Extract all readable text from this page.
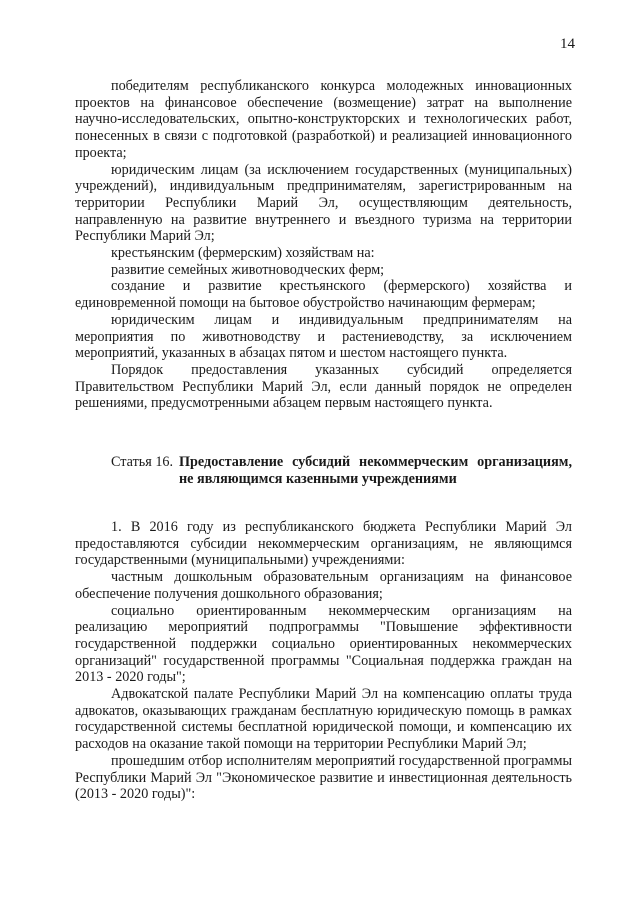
14

победителям республиканского конкурса молодежных инновационных проектов на финансовое обеспечение (возмещение) затрат на выполнение научно-исследовательских, опытно-конструкторских и технологических работ, понесенных в связи с подготовкой (разработкой) и реализацией инновационного проекта;

юридическим лицам (за исключением государственных (муниципальных) учреждений), индивидуальным предпринимателям, зарегистрированным на территории Республики Марий Эл, осуществляющим деятельность, направленную на развитие внутреннего и въездного туризма на территории Республики Марий Эл;

крестьянским (фермерским) хозяйствам на:

развитие семейных животноводческих ферм;

создание и развитие крестьянского (фермерского) хозяйства и единовременной помощи на бытовое обустройство начинающим фермерам;

юридическим лицам и индивидуальным предпринимателям на мероприятия по животноводству и растениеводству, за исключением мероприятий, указанных в абзацах пятом и шестом настоящего пункта.

Порядок предоставления указанных субсидий определяется Правительством Республики Марий Эл, если данный порядок не определен решениями, предусмотренными абзацем первым настоящего пункта.

Статья 16. Предоставление субсидий некоммерческим организациям, не являющимся казенными учреждениями

1. В 2016 году из республиканского бюджета Республики Марий Эл предоставляются субсидии некоммерческим организациям, не являющимся государственными (муниципальными) учреждениями:

частным дошкольным образовательным организациям на финансовое обеспечение получения дошкольного образования;

социально ориентированным некоммерческим организациям на реализацию мероприятий подпрограммы "Повышение эффективности государственной поддержки социально ориентированных некоммерческих организаций" государственной программы "Социальная поддержка граждан на 2013 - 2020 годы";

Адвокатской палате Республики Марий Эл на компенсацию оплаты труда адвокатов, оказывающих гражданам бесплатную юридическую помощь в рамках государственной системы бесплатной юридической помощи, и компенсацию их расходов на оказание такой помощи на территории Республики Марий Эл;

прошедшим отбор исполнителям мероприятий государственной программы Республики Марий Эл "Экономическое развитие и инвестиционная деятельность (2013 - 2020 годы)":
